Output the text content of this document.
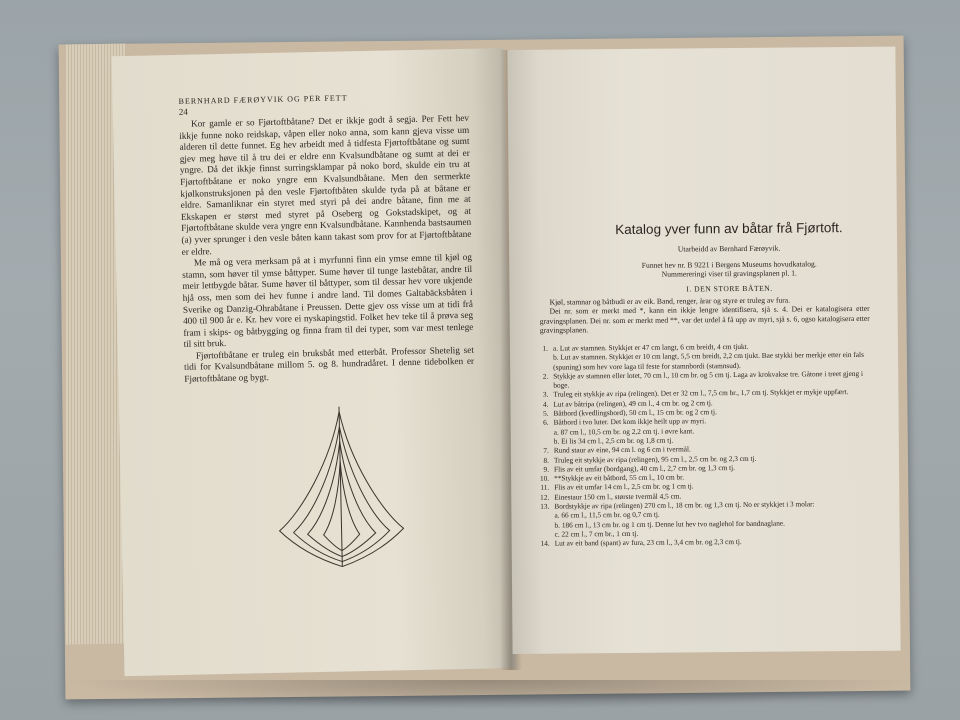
BERNHARD FÆRØYVIK OG PER FETT
24

Kor gamle er so Fjørtoftbåtane? Det er ikkje godt å segja. Per Fett hev ikkje funne noko reidskap, våpen eller noko anna, som kann gjeva visse um alderen til dette funnet. Eg hev arbeidt med å tidfesta Fjørtoftbåtane og sumt gjev meg høve til å tru dei er eldre enn Kvalsundbåtane og sumt at dei er yngre. Då det ikkje finnst surringsklampar på noko bord, skulde ein tru at Fjørtoftbåtane er noko yngre enn Kvalsundbåtane. Men den sermerkte kjølkonstruksjonen på den vesle Fjørtoftbåten skulde tyda på at båtane er eldre. Samanliknar ein styret med styri på dei andre båtane, finn me at Ekskapen er størst med styret på Oseberg og Gokstadskipet, og at Fjørtoftbåtane skulde vera yngre enn Kvalsundbåtane. Kannhenda bastsaumen (a) yver sprunger i den vesle båten kann takast som prov for at Fjørtoftbåtane er eldre.

Me må og vera merksam på at i myrfunni finn ein ymse emne til kjøl og stamn, som høver til ymse båttyper. Sume høver til tunge lastebåtar, andre til meir lettbygde båtar. Sume høver til båttyper, som til dessar hev vore ukjende hjå oss, men som dei hev funne i andre land. Til domes Galtabäcksbåten i Sverike og Danzig-Ohrabåtane i Preussen. Dette gjev oss visse um at tidi frå 400 til 900 år e. Kr. hev vore ei nyskapingstid. Folket hev teke til å prøva seg fram i skips- og båtbygging og finna fram til dei typer, som var mest tenlege til sitt bruk.

Fjørtoftbåtane er truleg ein bruksbåt med etterbåt. Professor Shetelig set tidi for Kvalsundbåtane millom 5. og 8. hundradåret. I denne tidebolken er Fjørtoftbåtane og bygt.

Katalog yver funn av båtar frå Fjørtoft.
Utarbeidd av Bernhard Færøyvik.
Funnet hev nr. B 9221 i Bergens Museums hovudkatalog.
Nummereringi viser til gravingsplanen pl. 1.
I. DEN STORE BÅTEN.

Kjøl, stamnar og båtbudi er av eik. Band, renger, årar og styre er truleg av fura.

Dei nr. som er merkt med *, kann ein ikkje lengre identifisera, sjå s. 4. Dei er katalogisera etter gravingsplanen. Dei nr. som er merkt med **, var det urdel å få upp av myri, sjå s. 6, ogso katalogisera etter gravingsplanen.

1. a. Lut av stamnen. Stykkjet er 47 cm langt, 6 cm breidt, 4 cm tjukt.
b. Lut av stamnen. Stykkjet er 10 cm langt, 5,5 cm breidt, 2,2 cm tjukt. Bae stykki ber merkje etter ein fals (spuning) som hev vore laga til feste for stamnbordi (stamnsud).
2. Stykkje av stamnen eller lotet, 70 cm l., 10 cm br. og 5 cm tj. Laga av krokvakse tre. Gåtone i treet gjeng i boge.
3. Truleg eit stykkje av ripa (relingen). Det er 32 cm l., 7,5 cm br., 1,7 cm tj. Stykkjet er mykje uppfært.
4. Lut av båtripa (relingen), 49 cm l., 4 cm br. og 2 cm tj.
5. Båtbord (kvedlingsbord), 50 cm l., 15 cm br. og 2 cm tj.
6. Båtbord i tvo luter. Det kom ikkje heilt upp av myri.
a. 87 cm l., 10,5 cm br. og 2,2 cm tj. i øvre kant.
b. Ei lis 34 cm l., 2,5 cm br. og 1,8 cm tj.
7. Rund staur av eine, 94 cm l. og 6 cm i tvermål.
8. Truleg eit stykkje av ripa (relingen), 95 cm l., 2,5 cm br. og 2,3 cm tj.
9. Flis av eit umfar (bordgang), 40 cm l., 2,7 cm br. og 1,3 cm tj.
10. **Stykkje av eit båtbord, 55 cm l., 10 cm br.
11. Flis av eit umfar 14 cm l., 2,5 cm br. og 1 cm tj.
12. Einestaur 150 cm l., største tvermål 4,5 cm.
13. Bordstykkje av ripa (relingen) 270 cm l., 18 cm br. og 1,3 cm tj. No er stykkjet i 3 molar:
a. 66 cm l., 11,5 cm br. og 0,7 cm tj.
b. 186 cm l., 13 cm br. og 1 cm tj. Denne lut hev tvo naglehol for bandnaglane.
c. 22 cm l., 7 cm br., 1 cm tj.
14. Lut av eit band (spant) av fura, 23 cm l., 3,4 cm br. og 2,3 cm tj.
